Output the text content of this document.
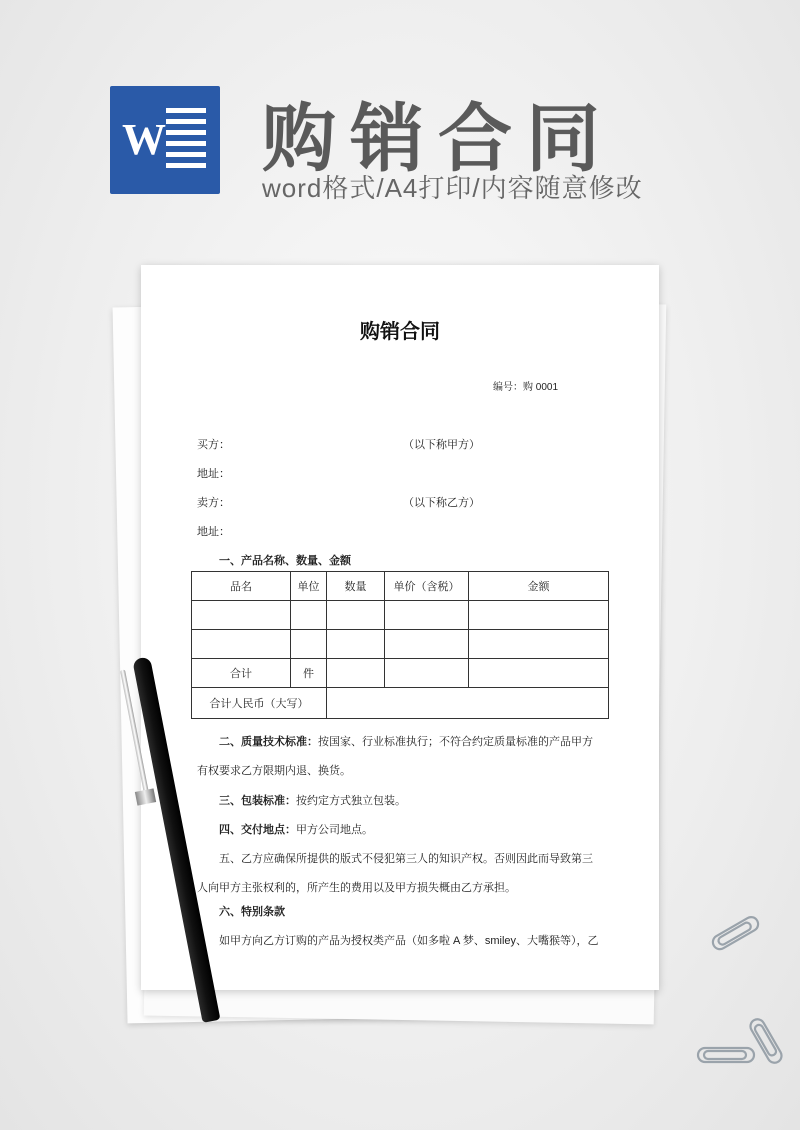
W 购销合同
word格式/A4打印/内容随意修改
购销合同
编号：购 0001
买方：	（以下称甲方）
地址：
卖方：	（以下称乙方）
地址：
一、产品名称、数量、金额
品名	单位	数量	单价（含税）	金额

合计	件			
合计人民币（大写）				
二、质量技术标准：按国家、行业标准执行；不符合约定质量标准的产品甲方
有权要求乙方限期内退、换货。
三、包装标准：按约定方式独立包装。
四、交付地点：甲方公司地点。
五、乙方应确保所提供的版式不侵犯第三人的知识产权。否则因此而导致第三
人向甲方主张权利的，所产生的费用以及甲方损失概由乙方承担。
六、特别条款
如甲方向乙方订购的产品为授权类产品（如多啦 A 梦、smiley、大嘴猴等），乙
